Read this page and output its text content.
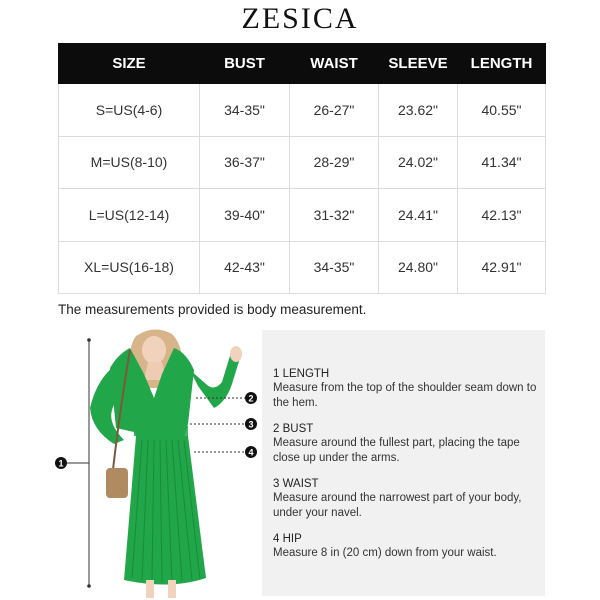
ZESICA
SIZE	BUST	WAIST	SLEEVE	LENGTH
S=US(4-6)	34-35"	26-27"	23.62"	40.55"
M=US(8-10)	36-37"	28-29"	24.02"	41.34"
L=US(12-14)	39-40"	31-32"	24.41"	42.13"
XL=US(16-18)	42-43"	34-35"	24.80"	42.91"
The measurements provided is body measurement.
1
2
3
4
1 LENGTH
Measure from the top of the shoulder seam down to the hem.
2 BUST
Measure around the fullest part, placing the tape close up under the arms.
3 WAIST
Measure around the narrowest part of your body, under your navel.
4 HIP
Measure 8 in (20 cm) down from your waist.
